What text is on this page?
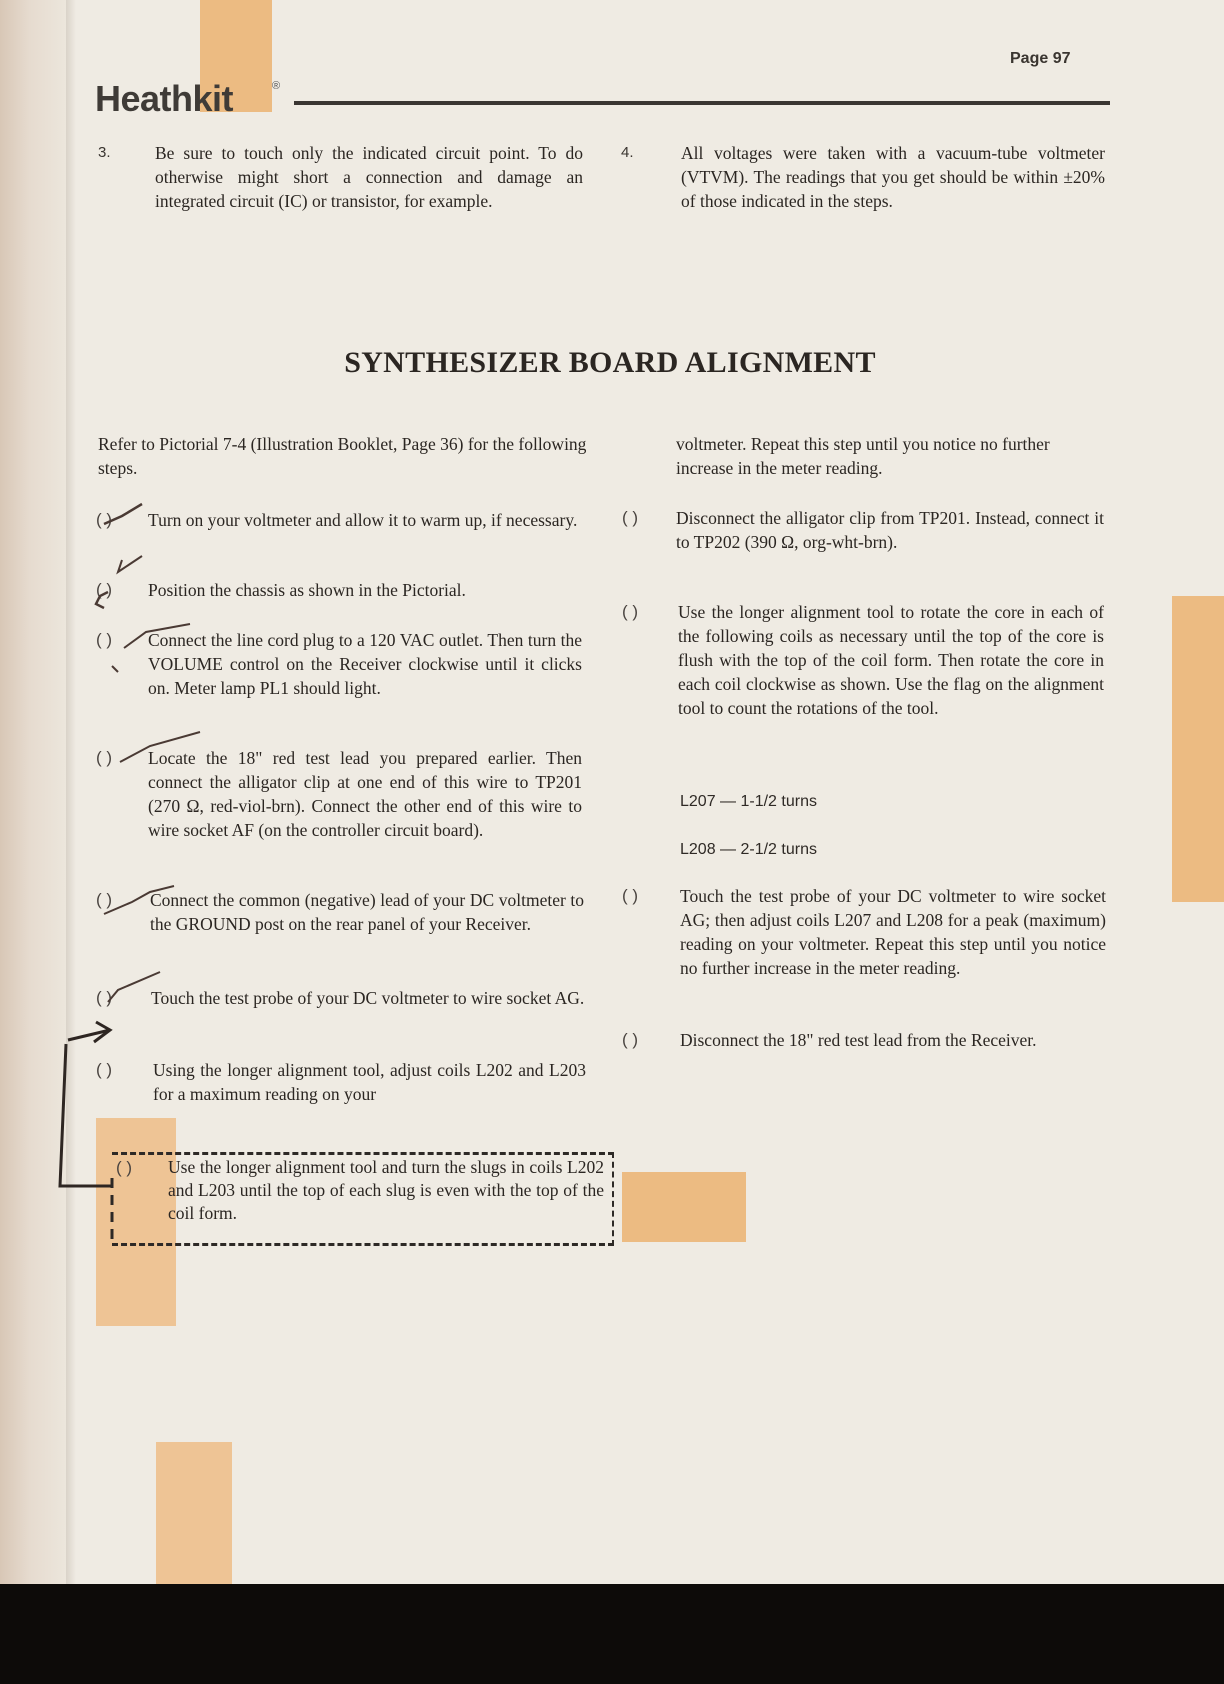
Page 97
Heathkit	®
3.	Be sure to touch only the indicated circuit point. To do otherwise might short a connection and damage an integrated circuit (IC) or transistor, for example.
4.	All voltages were taken with a vacuum-tube voltmeter (VTVM). The readings that you get should be within ±20% of those indicated in the steps.
SYNTHESIZER BOARD ALIGNMENT
Refer to Pictorial 7-4 (Illustration Booklet, Page 36) for the following steps.
( ) Turn on your voltmeter and allow it to warm up, if necessary.
( ) Position the chassis as shown in the Pictorial.
( ) Connect the line cord plug to a 120 VAC outlet. Then turn the VOLUME control on the Receiver clockwise until it clicks on. Meter lamp PL1 should light.
( ) Locate the 18" red test lead you prepared earlier. Then connect the alligator clip at one end of this wire to TP201 (270 Ω, red-viol-brn). Connect the other end of this wire to wire socket AF (on the controller circuit board).
( ) Connect the common (negative) lead of your DC voltmeter to the GROUND post on the rear panel of your Receiver.
( ) Touch the test probe of your DC voltmeter to wire socket AG.
( ) Using the longer alignment tool, adjust coils L202 and L203 for a maximum reading on your
( ) Use the longer alignment tool and turn the slugs in coils L202 and L203 until the top of each slug is even with the top of the coil form.
voltmeter. Repeat this step until you notice no further increase in the meter reading.
( ) Disconnect the alligator clip from TP201. Instead, connect it to TP202 (390 Ω, org-wht-brn).
( ) Use the longer alignment tool to rotate the core in each of the following coils as necessary until the top of the core is flush with the top of the coil form. Then rotate the core in each coil clockwise as shown. Use the flag on the alignment tool to count the rotations of the tool.
L207 — 1-1/2 turns
L208 — 2-1/2 turns
( ) Touch the test probe of your DC voltmeter to wire socket AG; then adjust coils L207 and L208 for a peak (maximum) reading on your voltmeter. Repeat this step until you notice no further increase in the meter reading.
( ) Disconnect the 18" red test lead from the Receiver.
